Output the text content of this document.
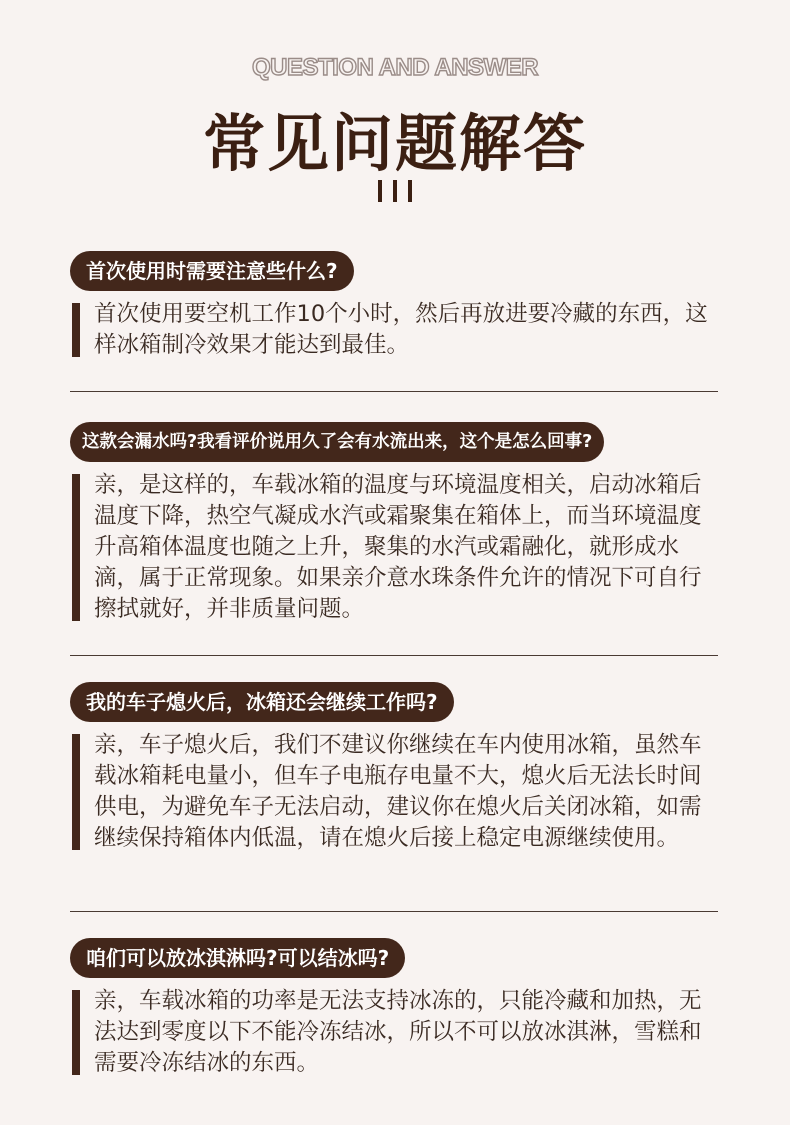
QUESTION AND ANSWER
常见问题解答
首次使用时需要注意些什么?
首次使用要空机工作10个小时，然后再放进要冷藏的东西，这样冰箱制冷效果才能达到最佳。
这款会漏水吗?我看评价说用久了会有水流出来，这个是怎么回事?
亲，是这样的，车载冰箱的温度与环境温度相关，启动冰箱后温度下降，热空气凝成水汽或霜聚集在箱体上，而当环境温度升高箱体温度也随之上升，聚集的水汽或霜融化，就形成水滴，属于正常现象。如果亲介意水珠条件允许的情况下可自行擦拭就好，并非质量问题。
我的车子熄火后，冰箱还会继续工作吗?
亲，车子熄火后，我们不建议你继续在车内使用冰箱，虽然车载冰箱耗电量小，但车子电瓶存电量不大，熄火后无法长时间供电，为避免车子无法启动，建议你在熄火后关闭冰箱，如需继续保持箱体内低温，请在熄火后接上稳定电源继续使用。
咱们可以放冰淇淋吗?可以结冰吗?
亲，车载冰箱的功率是无法支持冰冻的，只能冷藏和加热，无法达到零度以下不能冷冻结冰，所以不可以放冰淇淋，雪糕和需要冷冻结冰的东西。
